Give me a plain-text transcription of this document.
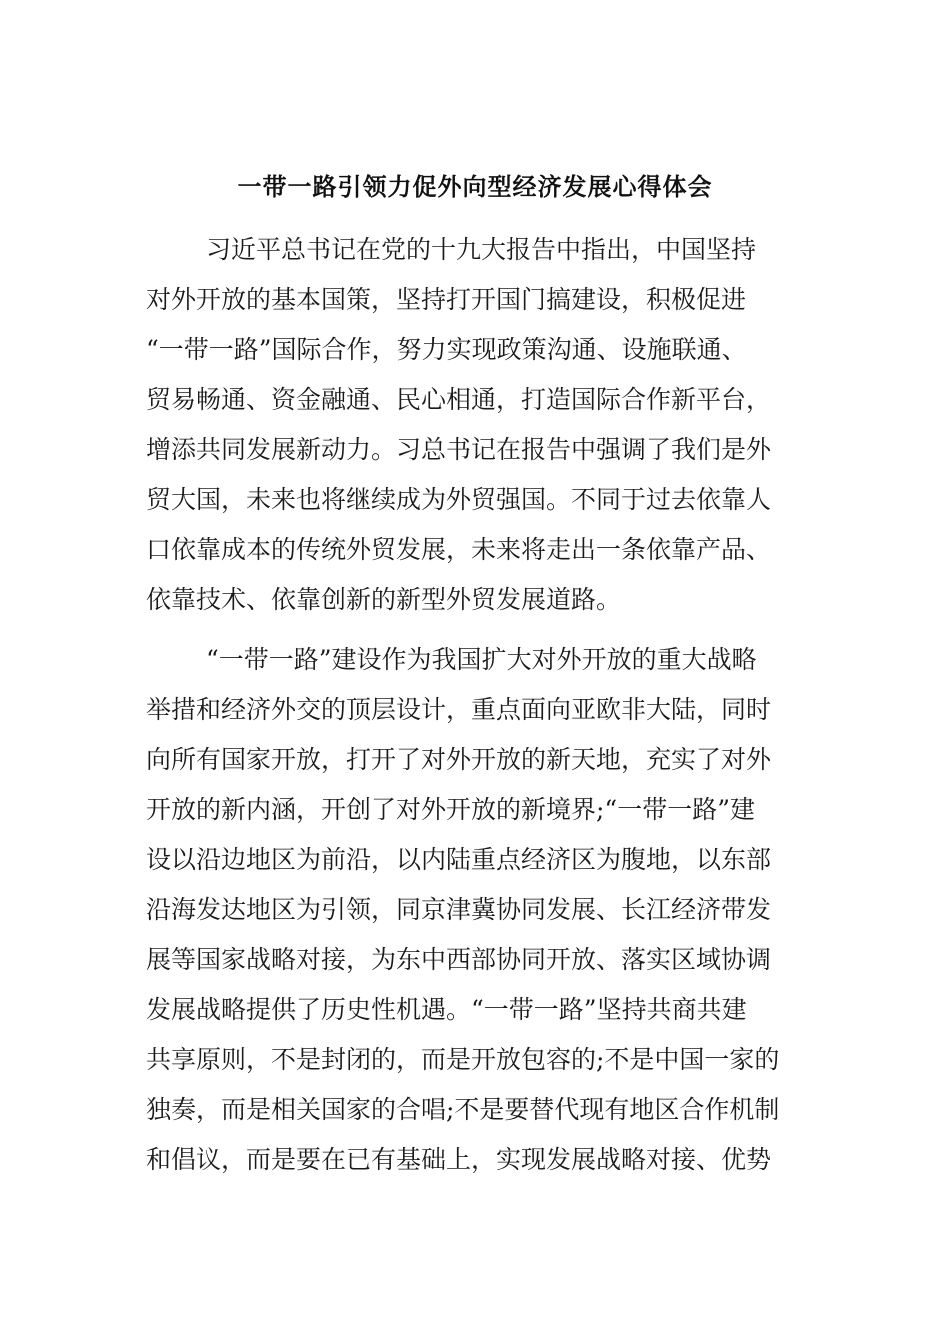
一带一路引领力促外向型经济发展心得体会
习近平总书记在党的十九大报告中指出，中国坚持
对外开放的基本国策，坚持打开国门搞建设，积极促进
“一带一路”国际合作，努力实现政策沟通、设施联通、
贸易畅通、资金融通、民心相通，打造国际合作新平台，
增添共同发展新动力。习总书记在报告中强调了我们是外
贸大国，未来也将继续成为外贸强国。不同于过去依靠人
口依靠成本的传统外贸发展，未来将走出一条依靠产品、
依靠技术、依靠创新的新型外贸发展道路。
“一带一路”建设作为我国扩大对外开放的重大战略
举措和经济外交的顶层设计，重点面向亚欧非大陆，同时
向所有国家开放，打开了对外开放的新天地，充实了对外
开放的新内涵，开创了对外开放的新境界;“一带一路”建
设以沿边地区为前沿，以内陆重点经济区为腹地，以东部
沿海发达地区为引领，同京津冀协同发展、长江经济带发
展等国家战略对接，为东中西部协同开放、落实区域协调
发展战略提供了历史性机遇。“一带一路”坚持共商共建
共享原则，不是封闭的，而是开放包容的;不是中国一家的
独奏，而是相关国家的合唱;不是要替代现有地区合作机制
和倡议，而是要在已有基础上，实现发展战略对接、优势
